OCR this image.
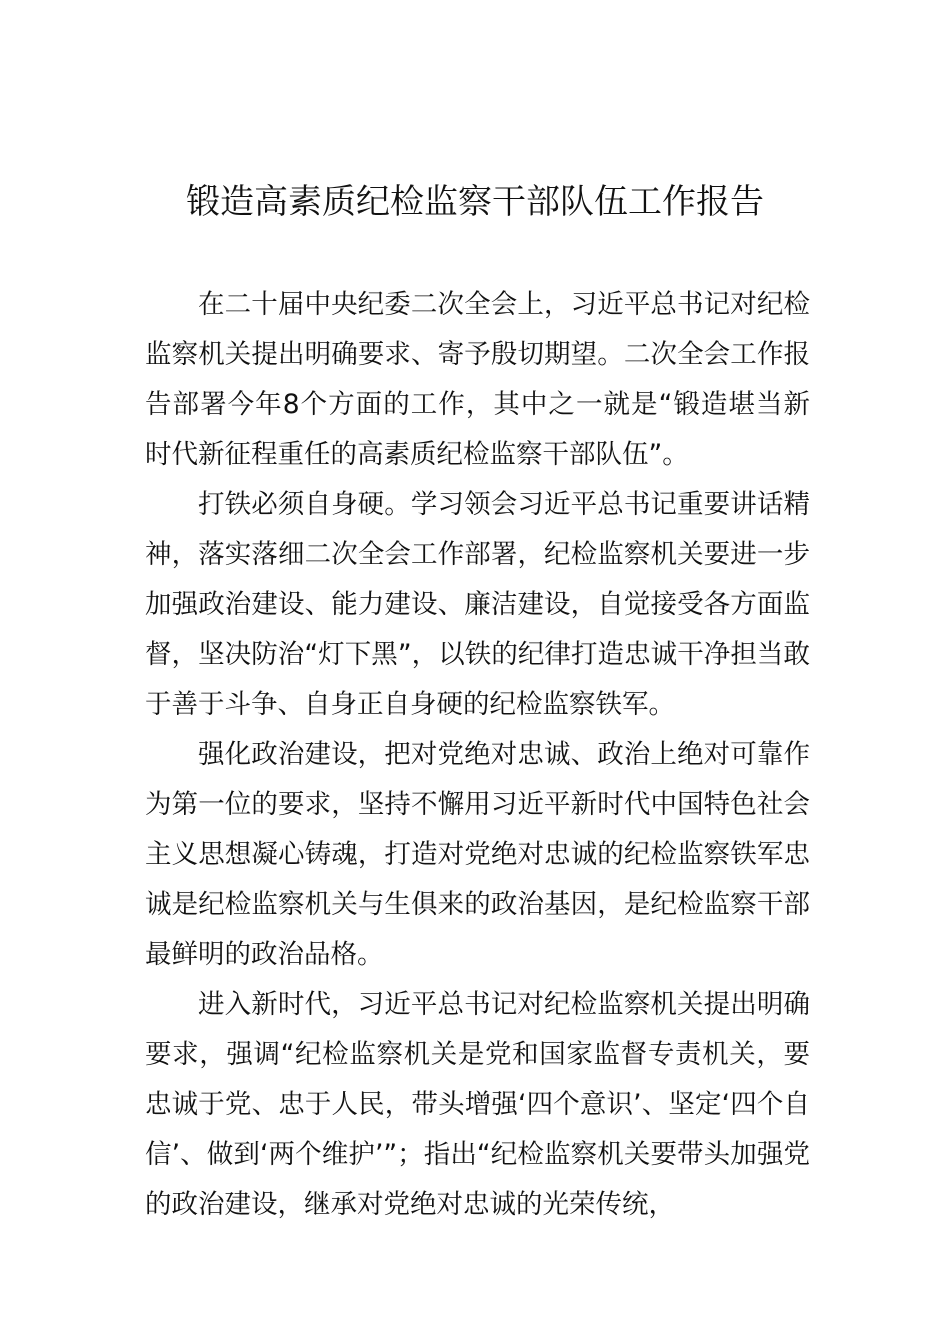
锻造高素质纪检监察干部队伍工作报告

在二十届中央纪委二次全会上，习近平总书记对纪检监察机关提出明确要求、寄予殷切期望。二次全会工作报告部署今年8个方面的工作，其中之一就是“锻造堪当新时代新征程重任的高素质纪检监察干部队伍”。

打铁必须自身硬。学习领会习近平总书记重要讲话精神，落实落细二次全会工作部署，纪检监察机关要进一步加强政治建设、能力建设、廉洁建设，自觉接受各方面监督，坚决防治“灯下黑”，以铁的纪律打造忠诚干净担当敢于善于斗争、自身正自身硬的纪检监察铁军。

强化政治建设，把对党绝对忠诚、政治上绝对可靠作为第一位的要求，坚持不懈用习近平新时代中国特色社会主义思想凝心铸魂，打造对党绝对忠诚的纪检监察铁军忠诚是纪检监察机关与生俱来的政治基因，是纪检监察干部最鲜明的政治品格。

进入新时代，习近平总书记对纪检监察机关提出明确要求，强调“纪检监察机关是党和国家监督专责机关，要忠诚于党、忠于人民，带头增强‘四个意识’、坚定‘四个自信’、做到‘两个维护’”；指出“纪检监察机关要带头加强党的政治建设，继承对党绝对忠诚的光荣传统，
